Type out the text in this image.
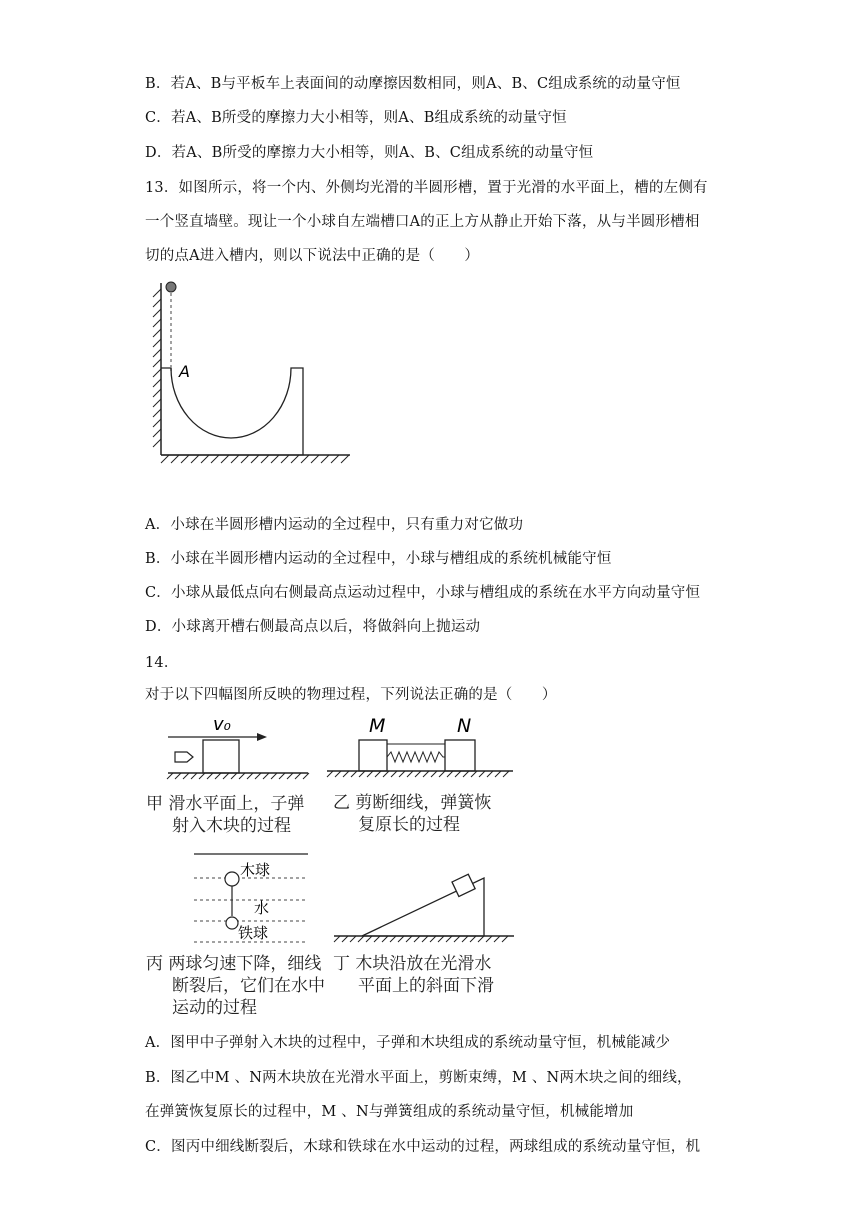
B．若A、B与平板车上表面间的动摩擦因数相同，则A、B、C组成系统的动量守恒
C．若A、B所受的摩擦力大小相等，则A、B组成系统的动量守恒
D．若A、B所受的摩擦力大小相等，则A、B、C组成系统的动量守恒
13．如图所示，将一个内、外侧均光滑的半圆形槽，置于光滑的水平面上，槽的左侧有
一个竖直墙壁。现让一个小球自左端槽口A的正上方从静止开始下落，从与半圆形槽相
切的点A进入槽内，则以下说法中正确的是（　　）
A
A．小球在半圆形槽内运动的全过程中，只有重力对它做功
B．小球在半圆形槽内运动的全过程中，小球与槽组成的系统机械能守恒
C．小球从最低点向右侧最高点运动过程中，小球与槽组成的系统在水平方向动量守恒
D．小球离开槽右侧最高点以后，将做斜向上抛运动
14．
对于以下四幅图所反映的物理过程，下列说法正确的是（　　）
v₀
甲 滑水平面上，子弹
射入木块的过程
M	N
乙 剪断细线，弹簧恢
复原长的过程
木球
水
铁球
丙 两球匀速下降，细线
断裂后，它们在水中
运动的过程
丁 木块沿放在光滑水
平面上的斜面下滑
A．图甲中子弹射入木块的过程中，子弹和木块组成的系统动量守恒，机械能减少
B．图乙中M 、N两木块放在光滑水平面上，剪断束缚，M 、N两木块之间的细线，
在弹簧恢复原长的过程中，M 、N与弹簧组成的系统动量守恒，机械能增加
C．图丙中细线断裂后，木球和铁球在水中运动的过程，两球组成的系统动量守恒，机
